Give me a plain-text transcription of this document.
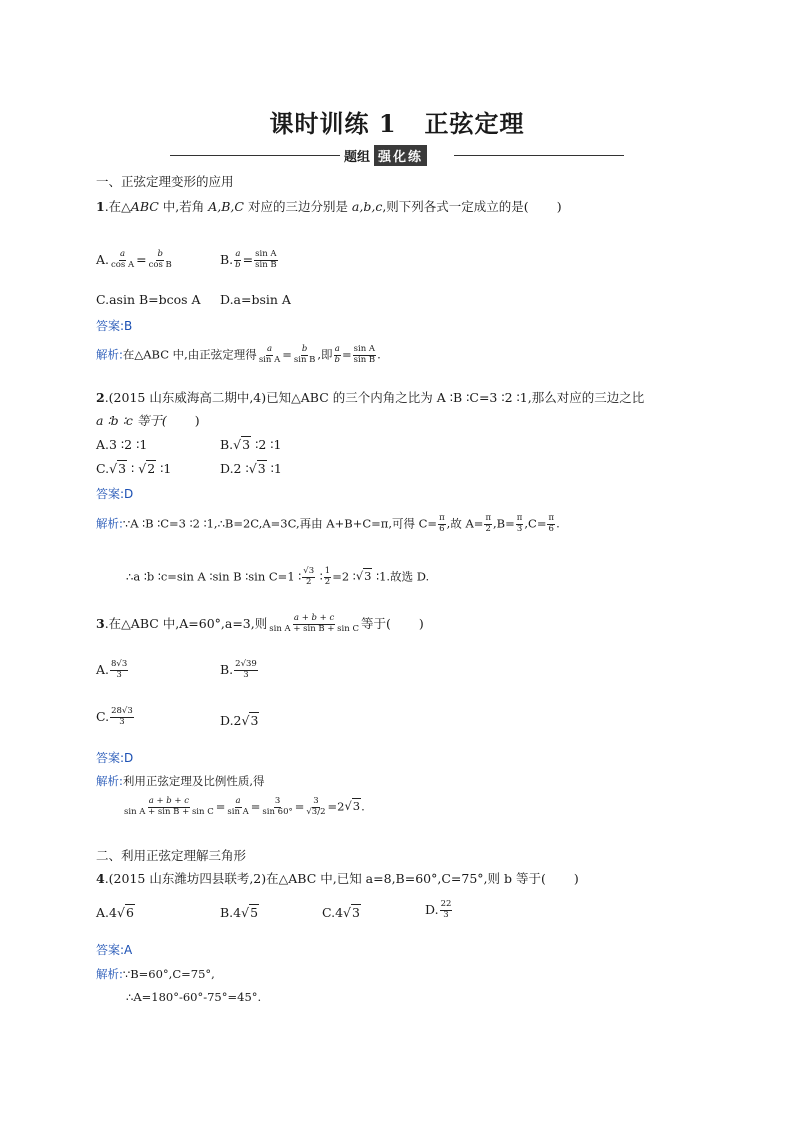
课时训练 1 正弦定理
题组 强化练
一、正弦定理变形的应用
1.在△ABC 中,若角 A,B,C 对应的三边分别是 a,b,c,则下列各式一定成立的是( )
A. $\frac{a}{\text{cos A}} = \frac{b}{\text{cos B}}$	B. $\frac{a}{b} = \frac{\text{sin A}}{\text{sin B}}$
C.asin B=bcos A D.a=bsin A
答案:B
解析:在△ABC 中,由正弦定理得 $\frac{a}{\text{sin A}} = \frac{b}{\text{sin B}}$ ,即 $\frac{a}{b} = \frac{\text{sin A}}{\text{sin B}}$ .
2.(2015 山东威海高二期中,4)已知△ABC 的三个内角之比为 A ∶B ∶C=3 ∶2 ∶1,那么对应的三边之比
a ∶b ∶c 等于( )
A.3 ∶2 ∶1	B.√3 ∶2 ∶1
C.√3 ∶ √2 ∶1	D.2 ∶√3 ∶1
答案:D
解析:∵A ∶B ∶C=3 ∶2 ∶1,∴B=2C,A=3C,再由 A+B+C=π,可得 $C= \frac{\pi}{6}$ ,故 $A= \frac{\pi}{2} ,B= \frac{\pi}{3} ,C= \frac{\pi}{6}$ .
∴a ∶b ∶c=sin A ∶sin B ∶sin C=1 ∶ $\frac{√3}{2}$ ∶ $\frac{1}{2} =2$ ∶√3 ∶1.故选 D.
3.在△ABC 中,A=60°,a=3,则 $\frac{a + b + c}{\text{sin A + sin B + sin C}}$ 等于( )
A. $\frac{8√3}{3}$	B. $\frac{2√39}{3}$
C. $\frac{28√3}{3}$	D.2√3
答案:D
解析:利用正弦定理及比例性质,得
$\frac{a + b + c}{\text{sin A + sin B + sin C}} = \frac{a}{\text{sin A}} = \frac{3}{\sin 60^\circ} = \frac{3}{√3/2} =2√3$.
二、利用正弦定理解三角形
4.(2015 山东潍坊四县联考,2)在△ABC 中,已知 a=8,B=60°,C=75°,则 b 等于( )
A.4√6	B.4√5	C.4√3	D. $\frac{22}{3}$
答案:A
解析:∵B=60°,C=75°,
∴A=180°-60°-75°=45°.
